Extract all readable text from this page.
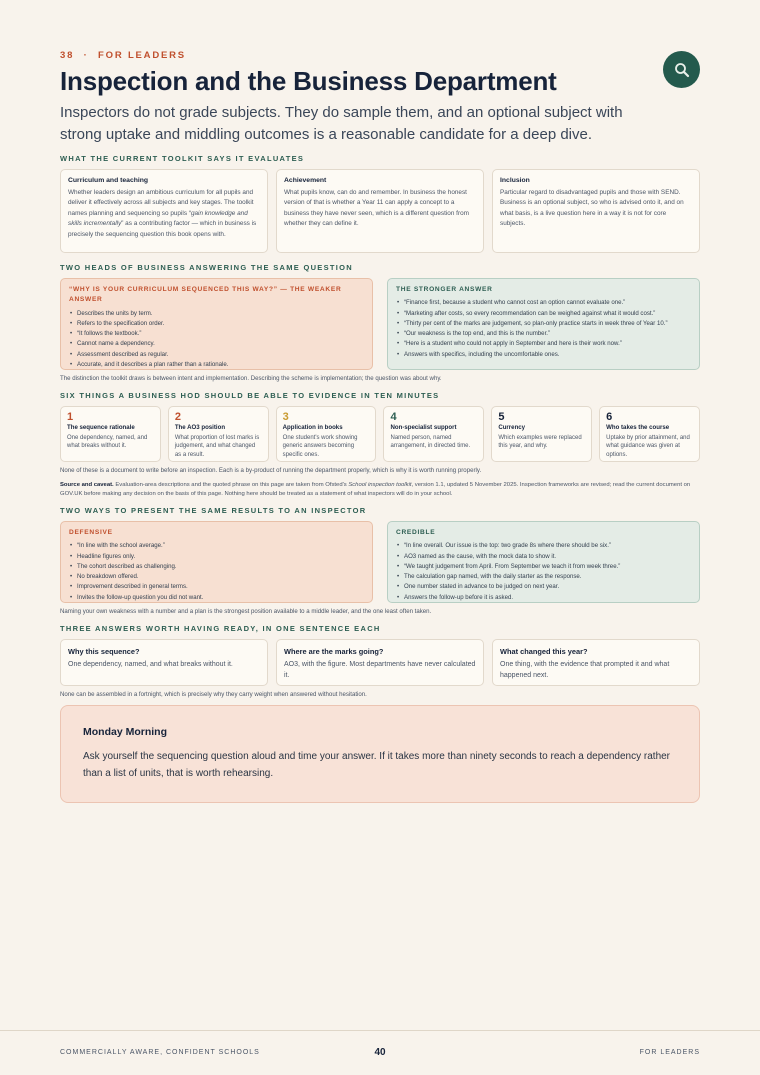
38 · FOR LEADERS
Inspection and the Business Department
Inspectors do not grade subjects. They do sample them, and an optional subject with strong uptake and middling outcomes is a reasonable candidate for a deep dive.
WHAT THE CURRENT TOOLKIT SAYS IT EVALUATES
Curriculum and teaching
Whether leaders design an ambitious curriculum for all pupils and deliver it effectively across all subjects and key stages. The toolkit names planning and sequencing so pupils “gain knowledge and skills incrementally” as a contributing factor — which in business is precisely the sequencing question this book opens with.
Achievement
What pupils know, can do and remember. In business the honest version of that is whether a Year 11 can apply a concept to a business they have never seen, which is a different question from whether they can define it.
Inclusion
Particular regard to disadvantaged pupils and those with SEND. Business is an optional subject, so who is advised onto it, and on what basis, is a live question here in a way it is not for core subjects.
TWO HEADS OF BUSINESS ANSWERING THE SAME QUESTION
“WHY IS YOUR CURRICULUM SEQUENCED THIS WAY?” — THE WEAKER ANSWER
• Describes the units by term.
• Refers to the specification order.
• “It follows the textbook.”
• Cannot name a dependency.
• Assessment described as regular.
• Accurate, and it describes a plan rather than a rationale.
THE STRONGER ANSWER
• “Finance first, because a student who cannot cost an option cannot evaluate one.”
• “Marketing after costs, so every recommendation can be weighed against what it would cost.”
• “Thirty per cent of the marks are judgement, so plan-only practice starts in week three of Year 10.”
• “Our weakness is the top end, and this is the number.”
• “Here is a student who could not apply in September and here is their work now.”
• Answers with specifics, including the uncomfortable ones.
The distinction the toolkit draws is between intent and implementation. Describing the scheme is implementation; the question was about why.
SIX THINGS A BUSINESS HOD SHOULD BE ABLE TO EVIDENCE IN TEN MINUTES
1
The sequence rationale
One dependency, named, and what breaks without it.
2
The AO3 position
What proportion of lost marks is judgement, and what changed as a result.
3
Application in books
One student's work showing generic answers becoming specific ones.
4
Non-specialist support
Named person, named arrangement, in directed time.
5
Currency
Which examples were replaced this year, and why.
6
Who takes the course
Uptake by prior attainment, and what guidance was given at options.
None of these is a document to write before an inspection. Each is a by-product of running the department properly, which is why it is worth running properly.
Source and caveat. Evaluation-area descriptions and the quoted phrase on this page are taken from Ofsted's School inspection toolkit, version 1.1, updated 5 November 2025. Inspection frameworks are revised; read the current document on GOV.UK before making any decision on the basis of this page. Nothing here should be treated as a statement of what inspectors will do in your school.
TWO WAYS TO PRESENT THE SAME RESULTS TO AN INSPECTOR
DEFENSIVE
• “In line with the school average.”
• Headline figures only.
• The cohort described as challenging.
• No breakdown offered.
• Improvement described in general terms.
• Invites the follow-up question you did not want.
CREDIBLE
• “In line overall. Our issue is the top: two grade 8s where there should be six.”
• AO3 named as the cause, with the mock data to show it.
• “We taught judgement from April. From September we teach it from week three.”
• The calculation gap named, with the daily starter as the response.
• One number stated in advance to be judged on next year.
• Answers the follow-up before it is asked.
Naming your own weakness with a number and a plan is the strongest position available to a middle leader, and the one least often taken.
THREE ANSWERS WORTH HAVING READY, IN ONE SENTENCE EACH
Why this sequence?
One dependency, named, and what breaks without it.
Where are the marks going?
AO3, with the figure. Most departments have never calculated it.
What changed this year?
One thing, with the evidence that prompted it and what happened next.
None can be assembled in a fortnight, which is precisely why they carry weight when answered without hesitation.
Monday Morning
Ask yourself the sequencing question aloud and time your answer. If it takes more than ninety seconds to reach a dependency rather than a list of units, that is worth rehearsing.
COMMERCIALLY AWARE, CONFIDENT SCHOOLS	40	FOR LEADERS
